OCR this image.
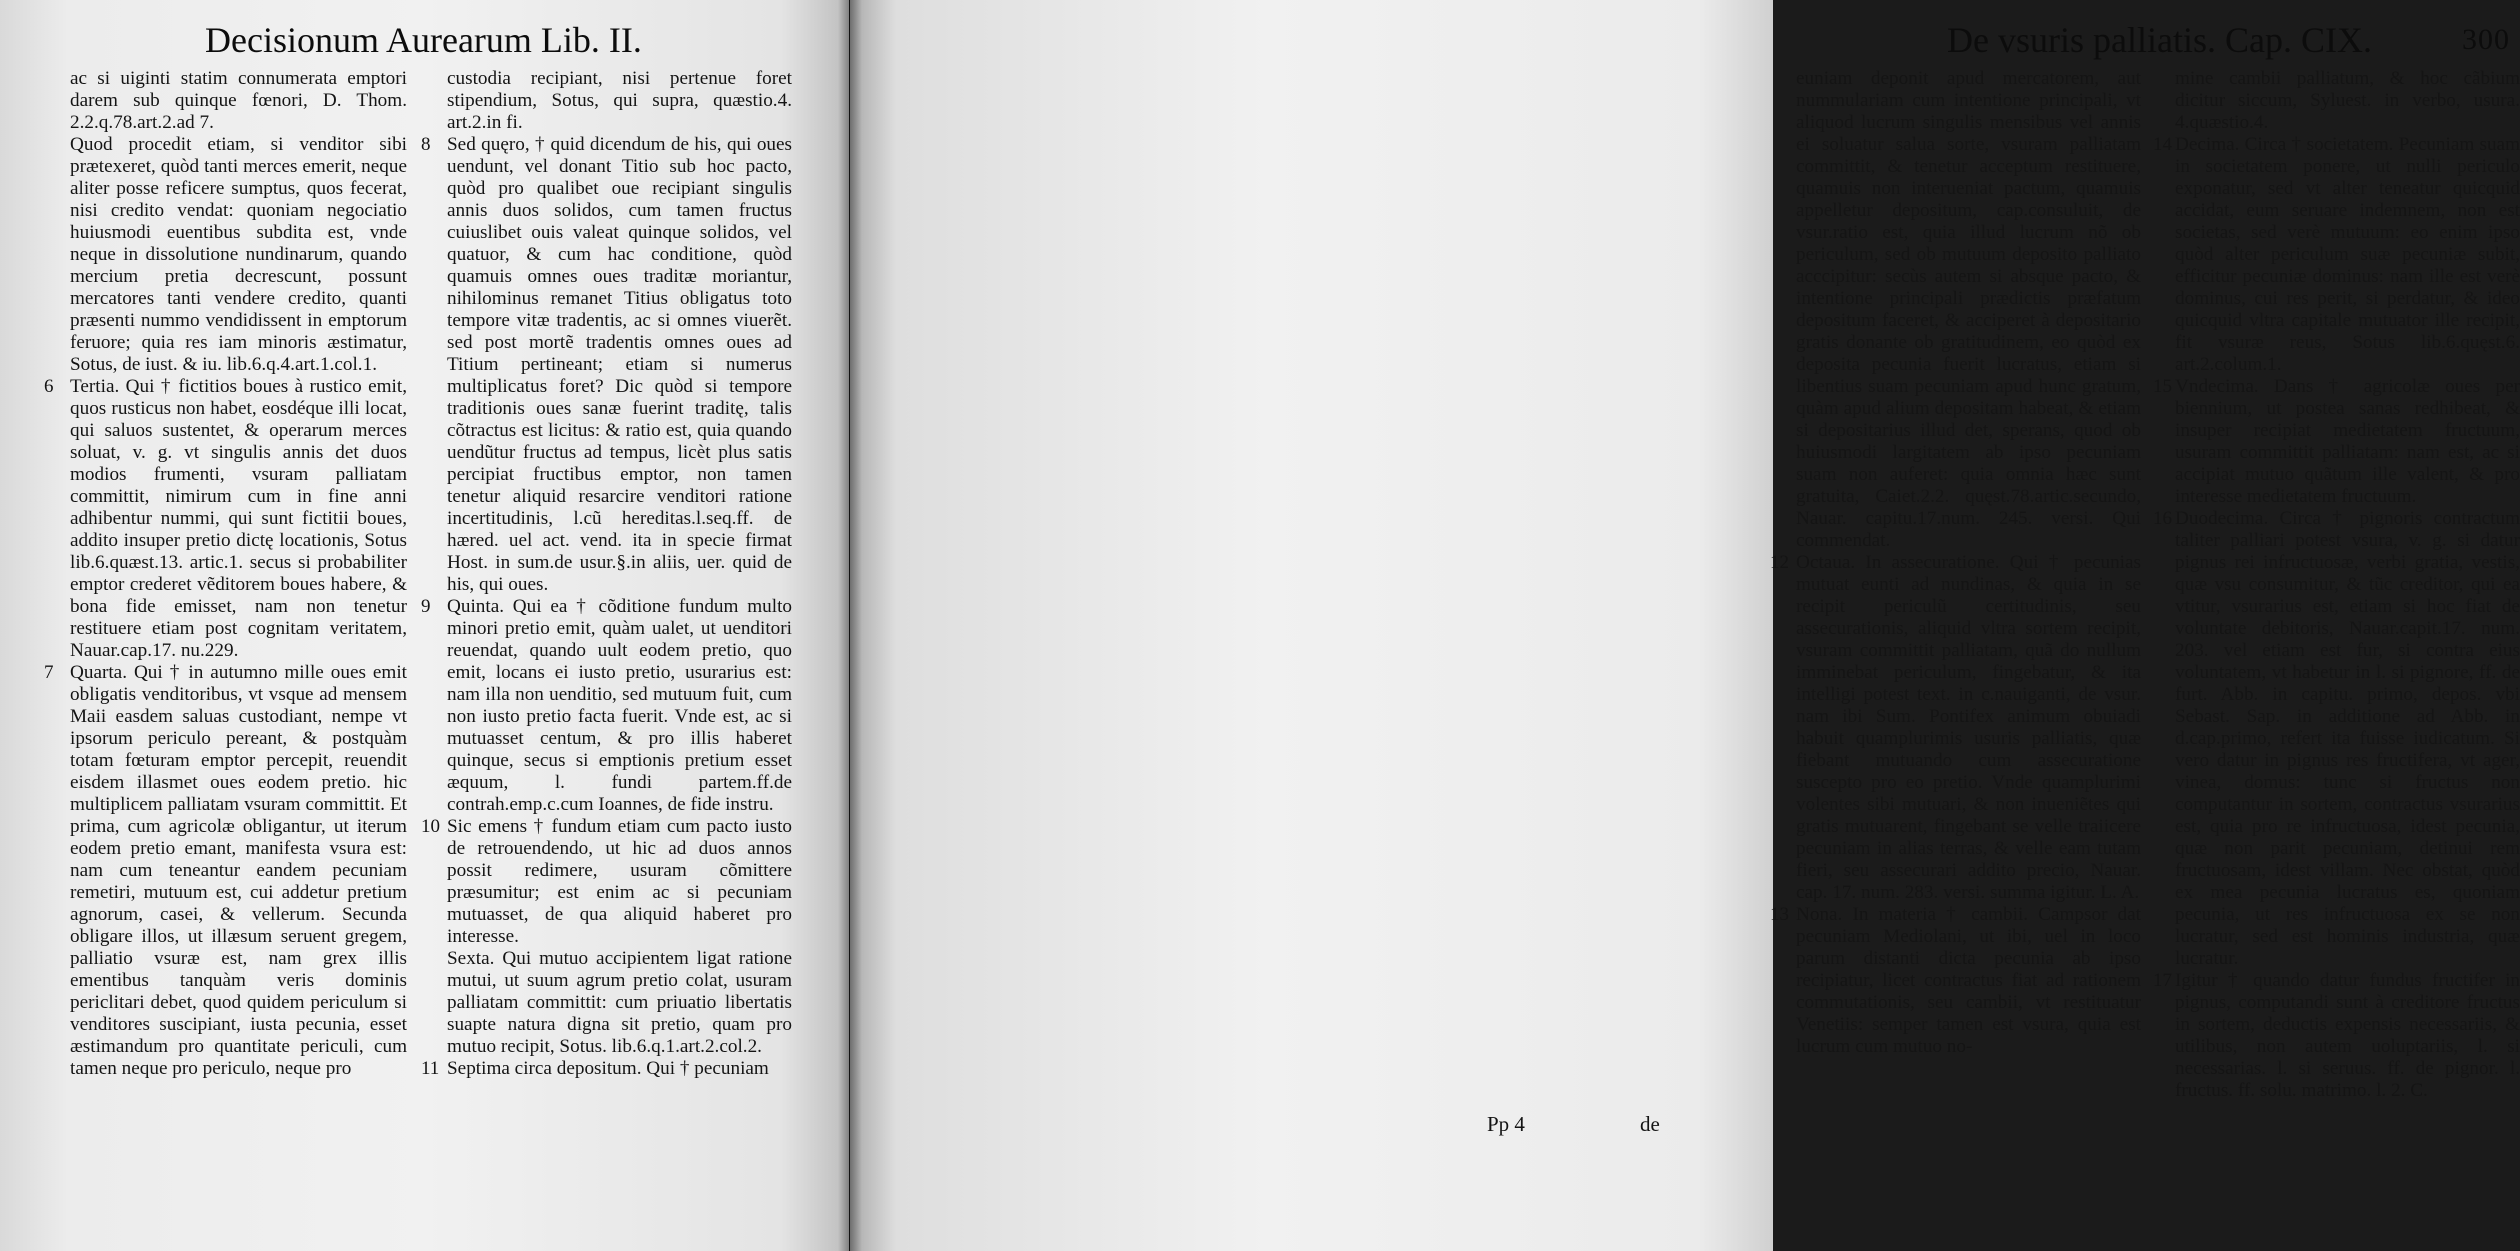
Decisionum Aurearum Lib. II.

ac si uiginti statim connumerata emptori darem sub quinque fœnori, D. Thom. 2.2.q.78.art.2.ad 7.

Quod procedit etiam, si venditor sibi prætexeret, quòd tanti merces emerit, neque aliter posse reficere sumptus, quos fecerat, nisi credito vendat: quoniam negociatio huiusmodi euentibus subdita est, vnde neque in dissolutione nundinarum, quando mercium pretia decrescunt, possunt mercatores tanti vendere credito, quanti præsenti nummo vendidissent in emptorum feruore; quia res iam minoris æstimatur, Sotus, de iust. & iu. lib.6.q.4.art.1.col.1.

6 Tertia. Qui † fictitios boues à rustico emit, quos rusticus non habet, eosdéque illi locat, qui saluos sustentet, & operarum merces soluat, v. g. vt singulis annis det duos modios frumenti, vsuram palliatam committit, nimirum cum in fine anni adhibentur nummi, qui sunt fictitii boues, addito insuper pretio dictę locationis, Sotus lib.6.quæst.13. artic.1. secus si probabiliter emptor crederet vẽditorem boues habere, & bona fide emisset, nam non tenetur restituere etiam post cognitam veritatem, Nauar.cap.17. nu.229.

7 Quarta. Qui † in autumno mille oues emit obligatis venditoribus, vt vsque ad mensem Maii easdem saluas custodiant, nempe vt ipsorum periculo pereant, & postquàm totam fœturam emptor percepit, reuendit eisdem illasmet oues eodem pretio. hic multiplicem palliatam vsuram committit. Et prima, cum agricolæ obligantur, ut iterum eodem pretio emant, manifesta vsura est: nam cum teneantur eandem pecuniam remetiri, mutuum est, cui addetur pretium agnorum, casei, & vellerum. Secunda obligare illos, ut illæsum seruent gregem, palliatio vsuræ est, nam grex illis ementibus tanquàm veris dominis periclitari debet, quod quidem periculum si venditores suscipiant, iusta pecunia, esset æstimandum pro quantitate periculi, cum tamen neque pro periculo, neque pro

custodia recipiant, nisi pertenue foret stipendium, Sotus, qui supra, quæstio.4. art.2.in fi.

8 Sed quęro, † quid dicendum de his, qui oues uendunt, vel donant Titio sub hoc pacto, quòd pro qualibet oue recipiant singulis annis duos solidos, cum tamen fructus cuiuslibet ouis valeat quinque solidos, vel quatuor, & cum hac conditione, quòd quamuis omnes oues traditæ moriantur, nihilominus remanet Titius obligatus toto tempore vitæ tradentis, ac si omnes viuerẽt. sed post mortẽ tradentis omnes oues ad Titium pertineant; etiam si numerus multiplicatus foret? Dic quòd si tempore traditionis oues sanæ fuerint traditę, talis cõtractus est licitus: & ratio est, quia quando uendũtur fructus ad tempus, licèt plus satis percipiat fructibus emptor, non tamen tenetur aliquid resarcire venditori ratione incertitudinis, l.cũ hereditas.l.seq.ff. de hæred. uel act. vend. ita in specie firmat Host. in sum.de usur.§.in aliis, uer. quid de his, qui oues.

9 Quinta. Qui ea † cõditione fundum multo minori pretio emit, quàm ualet, ut uenditori reuendat, quando uult eodem pretio, quo emit, locans ei iusto pretio, usurarius est: nam illa non uenditio, sed mutuum fuit, cum non iusto pretio facta fuerit. Vnde est, ac si mutuasset centum, & pro illis haberet quinque, secus si emptionis pretium esset æquum, l. fundi partem.ff.de contrah.emp.c.cum Ioannes, de fide instru.

10 Sic emens † fundum etiam cum pacto iusto de retrouendendo, ut hic ad duos annos possit redimere, usuram cõmittere præsumitur; est enim ac si pecuniam mutuasset, de qua aliquid haberet pro interesse.

Sexta. Qui mutuo accipientem ligat ratione mutui, ut suum agrum pretio colat, usuram palliatam committit: cum priuatio libertatis suapte natura digna sit pretio, quam pro mutuo recipit, Sotus. lib.6.q.1.art.2.col.2.

11 Septima circa depositum. Qui † pecuniam

De vsuris palliatis. Cap. CIX.	300

euniam deponit apud mercatorem, aut nummulariam cum intentione principali, vt aliquod lucrum singulis mensibus vel annis ei soluatur salua sorte, vsuram palliatam committit, & tenetur acceptum restituere, quamuis non interueniat pactum, quamuis appelletur depositum, cap.consuluit, de vsur.ratio est, quia illud lucrum nõ ob periculum, sed ob mutuum deposito palliato acccipitur: secùs autem si absque pacto, & intentione principali prædictis præfatum depositum faceret, & acciperet à depositario gratis donante ob gratitudinem, eo quòd ex deposita pecunia fuerit lucratus, etiam si libentius suam pecuniam apud hunc gratum, quàm apud alium depositam habeat, & etiam si depositarius illud det, sperans, quod ob huiusmodi largitatem ab ipso pecuniam suam non auferet: quia omnia hæc sunt gratuita, Caiet.2.2. quęst.78.artic.secundo, Nauar. capitu.17.num. 245. versi. Qui commendat.

12 Octaua. In assecuratione. Qui † pecunias mutuat eunti ad nundinas, & quia in se recipit periculũ certitudinis, seu assecurationis, aliquid vltra sortem recipit, vsuram committit palliatam, quã do nullum imminebat periculum, fingebatur, & ita intelligi potest text. in c.nauiganti, de vsur. nam ibi Sum. Pontifex animum obuiadi habuit quamplurimis usuris palliatis, quæ fiebant mutuando cum assecuratione suscepto pro eo pretio. Vnde quamplurimi volentes sibi mutuari, & non inueniẽtes qui gratis mutuarent, fingebant se velle traiicere pecuniam in alias terras, & velle eam tutam fieri, seu assecurari addito precio, Nauar. cap. 17. num. 283. versi. summa igitur. L. A.

13 Nona. In materia † cambii. Campsor dat pecuniam Mediolani, ut ibi, uel in loco parum distanti dicta pecunia ab ipso recipiatur, licet contractus fiat ad rationem commutationis, seu cambii, vt restituatur Venetiis: semper tamen est vsura, quia est lucrum cum mutuo no-

mine cambii palliatum, & hoc cãbium dicitur siccum, Syluest. in verbo, usura. 4.quæstio.4.

14 Decima. Circa † societatem. Pecuniam suam in societatem ponere, ut nulli periculo exponatur, sed vt alter teneatur quicquid accidat, eum seruare indemnem, non est societas, sed verè mutuum: eo enim ipso quòd alter periculum suæ pecuniæ subit, efficitur pecuniæ dominus: nam ille est verè dominus, cui res perit, si perdatur, & ideo quicquid vltra capitale mutuator ille recipit, fit vsuræ reus, Sotus lib.6.quęst.6. art.2.colum.1.

15 Vndecima. Dans † agricolæ oues per biennium, ut postea sanas redhibeat, & insuper recipiat medietatem fructuum, usuram committit palliatam: nam est, ac si accipiat mutuo quãtum ille valent, & pro interesse medietatem fructuum.

16 Duodecima. Circa † pignoris contractum taliter palliari potest vsura, v. g. si datur pignus rei infructuosæ, verbi gratia, vestis, quæ vsu consumitur, & tũc creditor, qui ea vtitur, vsurarius est, etiam si hoc fiat de voluntate debitoris, Nauar.capit.17. num. 203. vel etiam est fur, si contra eius voluntatem, vt habetur in l. si pignore, ff. de furt. Abb. in capitu. primo, depos. vbi Sebast. Sap. in additione ad Abb. in d.cap.primo, refert ita fuisse iudicatum. Si vero datur in pignus res fructifera, vt ager, vinea, domus: tunc si fructus non computantur in sortem, contractus vsurarius est, quia pro re infructuosa, idest pecunia, quæ non parit pecuniam, detinui rem fructuosam, idest villam. Nec obstat, quòd ex mea pecunia lucratus es, quoniam pecunia, ut res infructuosa ex se non lucratur, sed est hominis industria, quæ lucratur.

17 Igitur † quando datur fundus fructifer in pignus, computandi sunt à creditore fructus in sortem, deductis expensis necessariis, & utilibus, non autem uoluptariis, l. si necessarias. l. si seruus. ff. de pignor. l. fructus. ff. solu. matrimo. l. 2. C.

Pp 4	de
